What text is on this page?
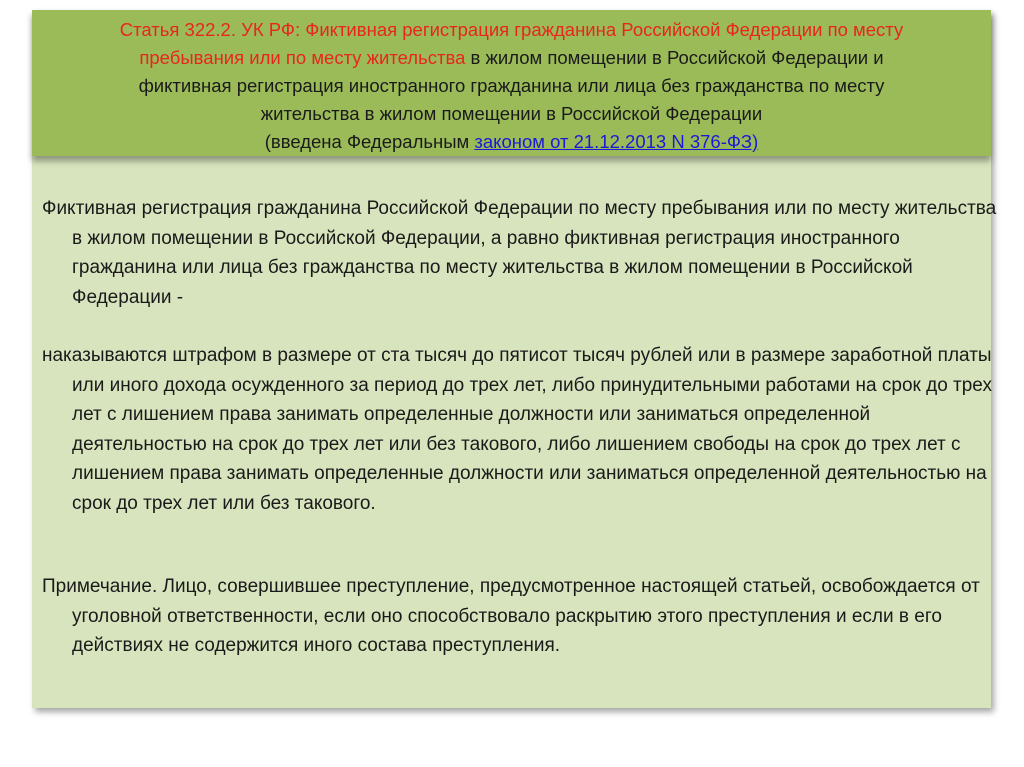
Статья 322.2. УК РФ: Фиктивная регистрация гражданина Российской Федерации по месту
пребывания или по месту жительства в жилом помещении в Российской Федерации и
фиктивная регистрация иностранного гражданина или лица без гражданства по месту
жительства в жилом помещении в Российской Федерации
(введена Федеральным законом от 21.12.2013 N 376-ФЗ)

Фиктивная регистрация гражданина Российской Федерации по месту пребывания или по месту жительства в жилом помещении в Российской Федерации, а равно фиктивная регистрация иностранного гражданина или лица без гражданства по месту жительства в жилом помещении в Российской Федерации -

наказываются штрафом в размере от ста тысяч до пятисот тысяч рублей или в размере заработной платы или иного дохода осужденного за период до трех лет, либо принудительными работами на срок до трех лет с лишением права занимать определенные должности или заниматься определенной деятельностью на срок до трех лет или без такового, либо лишением свободы на срок до трех лет с лишением права занимать определенные должности или заниматься определенной деятельностью на срок до трех лет или без такового.

Примечание. Лицо, совершившее преступление, предусмотренное настоящей статьей, освобождается от уголовной ответственности, если оно способствовало раскрытию этого преступления и если в его действиях не содержится иного состава преступления.
